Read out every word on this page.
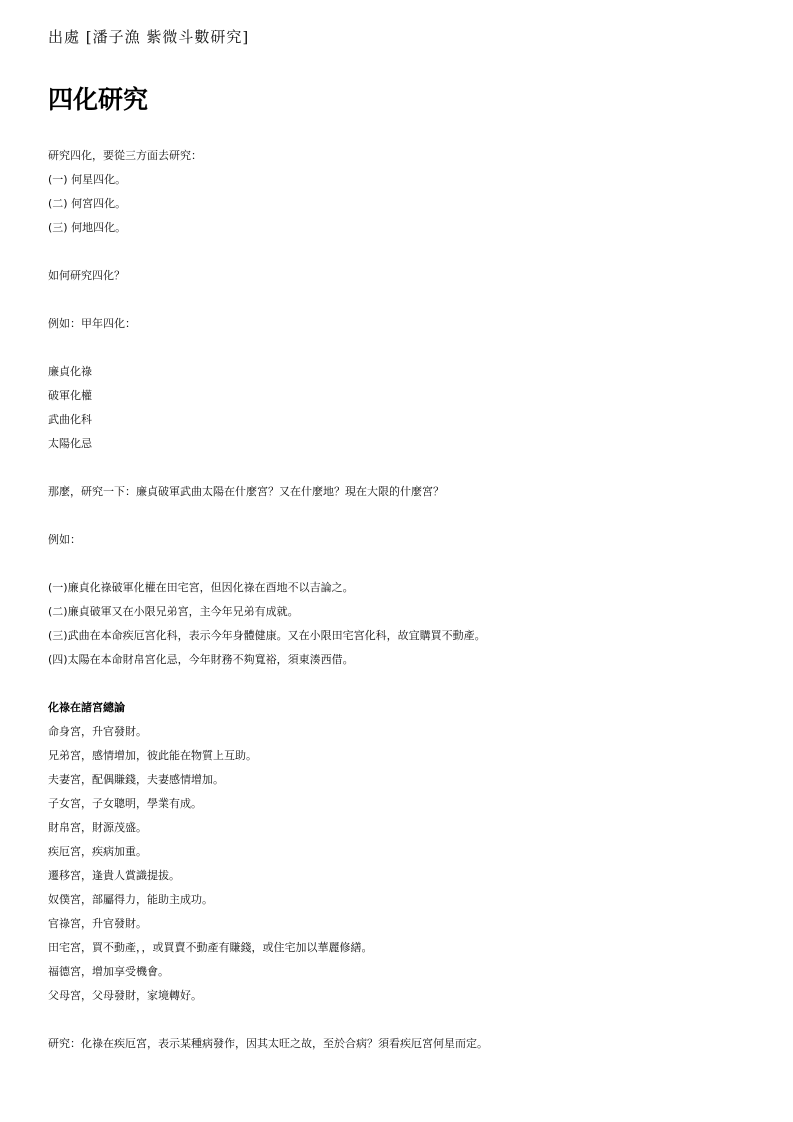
出處 [潘子漁 紫微斗數研究]
四化研究
研究四化，要從三方面去研究：
(一) 何星四化。
(二) 何宮四化。
(三) 何地四化。
如何研究四化？
例如：甲年四化：
廉貞化祿
破軍化權
武曲化科
太陽化忌
那麼，研究一下：廉貞破軍武曲太陽在什麼宮？又在什麼地？現在大限的什麼宮？
例如：
(一)廉貞化祿破軍化權在田宅宮，但因化祿在酉地不以吉論之。
(二)廉貞破軍又在小限兄弟宮，主今年兄弟有成就。
(三)武曲在本命疾厄宮化科，表示今年身體健康。又在小限田宅宮化科，故宜購買不動產。
(四)太陽在本命財帛宮化忌，今年財務不夠寬裕，須東湊西借。
化祿在諸宮總論
命身宮，升官發財。
兄弟宮，感情增加，彼此能在物質上互助。
夫妻宮，配偶賺錢，夫妻感情增加。
子女宮，子女聰明，學業有成。
財帛宮，財源茂盛。
疾厄宮，疾病加重。
遷移宮，逢貴人賞識提拔。
奴僕宮，部屬得力，能助主成功。
官祿宮，升官發財。
田宅宮，買不動產，，或買賣不動產有賺錢，或住宅加以華麗修繕。
福德宮，增加享受機會。
父母宮，父母發財，家境轉好。
研究：化祿在疾厄宮，表示某種病發作，因其太旺之故，至於合病？須看疾厄宮何星而定。
